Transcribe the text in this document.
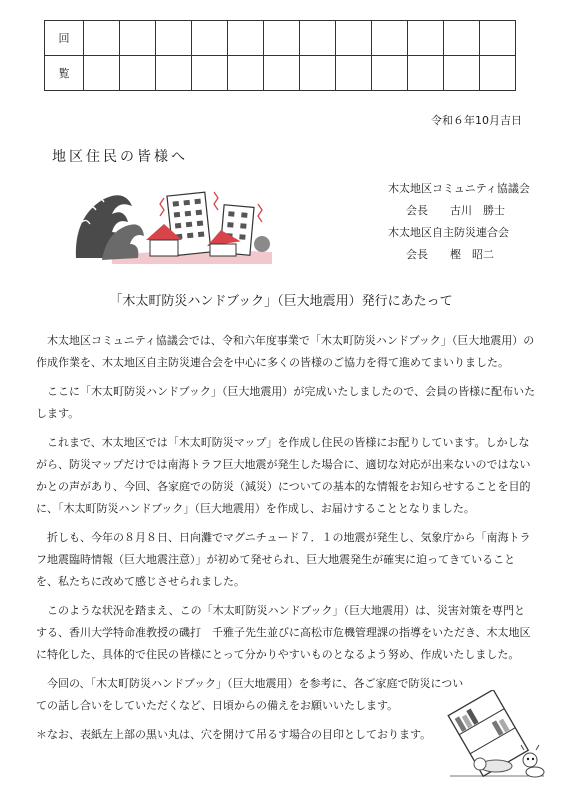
回												
覧												
令和６年10月吉日
地区住民の皆様へ
木太地区コミュニティ協議会
会長 古川　勝士
木太地区自主防災連合会
会長 樫　昭二
「木太町防災ハンドブック」（巨大地震用）発行にあたって

木太地区コミュニティ協議会では、令和六年度事業で「木太町防災ハンドブック」（巨大地震用）の作成作業を、木太地区自主防災連合会を中心に多くの皆様のご協力を得て進めてまいりました。

ここに「木太町防災ハンドブック」（巨大地震用）が完成いたしましたので、会員の皆様に配布いたします。

これまで、木太地区では「木太町防災マップ」を作成し住民の皆様にお配りしています。しかしながら、防災マップだけでは南海トラフ巨大地震が発生した場合に、適切な対応が出来ないのではないかとの声があり、今回、各家庭での防災（減災）についての基本的な情報をお知らせすることを目的に、「木太町防災ハンドブック」（巨大地震用）を作成し、お届けすることとなりました。

折しも、今年の８月８日、日向灘でマグニチュード７．１の地震が発生し、気象庁から「南海トラフ地震臨時情報（巨大地震注意）」が初めて発せられ、巨大地震発生が確実に迫ってきていることを、私たちに改めて感じさせられました。

このような状況を踏まえ、この「木太町防災ハンドブック」（巨大地震用）は、災害対策を専門とする、香川大学特命准教授の磯打　千雅子先生並びに高松市危機管理課の指導をいただき、木太地区に特化した、具体的で住民の皆様にとって分かりやすいものとなるよう努め、作成いたしました。

今回の、「木太町防災ハンドブック」（巨大地震用）を参考に、各ご家庭で防災についての話し合いをしていただくなど、日頃からの備えをお願いいたします。

＊なお、表紙左上部の黒い丸は、穴を開けて吊るす場合の目印としております。
